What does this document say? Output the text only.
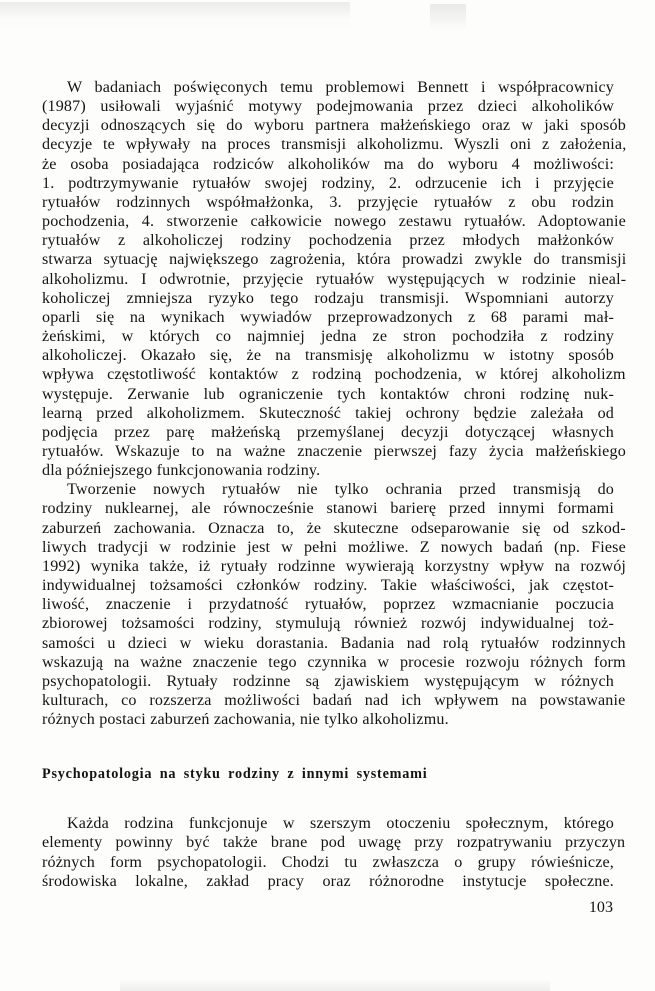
W badaniach poświęconych temu problemowi Bennett i współpracownicy
(1987) usiłowali wyjaśnić motywy podejmowania przez dzieci alkoholików
decyzji odnoszących się do wyboru partnera małżeńskiego oraz w jaki sposób
decyzje te wpływały na proces transmisji alkoholizmu. Wyszli oni z założenia,
że osoba posiadająca rodziców alkoholików ma do wyboru 4 możliwości:
1. podtrzymywanie rytuałów swojej rodziny, 2. odrzucenie ich i przyjęcie
rytuałów rodzinnych współmałżonka, 3. przyjęcie rytuałów z obu rodzin
pochodzenia, 4. stworzenie całkowicie nowego zestawu rytuałów. Adoptowanie
rytuałów z alkoholiczej rodziny pochodzenia przez młodych małżonków
stwarza sytuację największego zagrożenia, która prowadzi zwykle do transmisji
alkoholizmu. I odwrotnie, przyjęcie rytuałów występujących w rodzinie nieal-
koholiczej zmniejsza ryzyko tego rodzaju transmisji. Wspomniani autorzy
oparli się na wynikach wywiadów przeprowadzonych z 68 parami mał-
żeńskimi, w których co najmniej jedna ze stron pochodziła z rodziny
alkoholiczej. Okazało się, że na transmisję alkoholizmu w istotny sposób
wpływa częstotliwość kontaktów z rodziną pochodzenia, w której alkoholizm
występuje. Zerwanie lub ograniczenie tych kontaktów chroni rodzinę nuk-
learną przed alkoholizmem. Skuteczność takiej ochrony będzie zależała od
podjęcia przez parę małżeńską przemyślanej decyzji dotyczącej własnych
rytuałów. Wskazuje to na ważne znaczenie pierwszej fazy życia małżeńskiego
dla późniejszego funkcjonowania rodziny.

Tworzenie nowych rytuałów nie tylko ochrania przed transmisją do
rodziny nuklearnej, ale równocześnie stanowi barierę przed innymi formami
zaburzeń zachowania. Oznacza to, że skuteczne odseparowanie się od szkod-
liwych tradycji w rodzinie jest w pełni możliwe. Z nowych badań (np. Fiese
1992) wynika także, iż rytuały rodzinne wywierają korzystny wpływ na rozwój
indywidualnej tożsamości członków rodziny. Takie właściwości, jak częstot-
liwość, znaczenie i przydatność rytuałów, poprzez wzmacnianie poczucia
zbiorowej tożsamości rodziny, stymulują również rozwój indywidualnej toż-
samości u dzieci w wieku dorastania. Badania nad rolą rytuałów rodzinnych
wskazują na ważne znaczenie tego czynnika w procesie rozwoju różnych form
psychopatologii. Rytuały rodzinne są zjawiskiem występującym w różnych
kulturach, co rozszerza możliwości badań nad ich wpływem na powstawanie
różnych postaci zaburzeń zachowania, nie tylko alkoholizmu.

Psychopatologia na styku rodziny z innymi systemami

Każda rodzina funkcjonuje w szerszym otoczeniu społecznym, którego
elementy powinny być także brane pod uwagę przy rozpatrywaniu przyczyn
różnych form psychopatologii. Chodzi tu zwłaszcza o grupy rówieśnicze,
środowiska lokalne, zakład pracy oraz różnorodne instytucje społeczne.

103
